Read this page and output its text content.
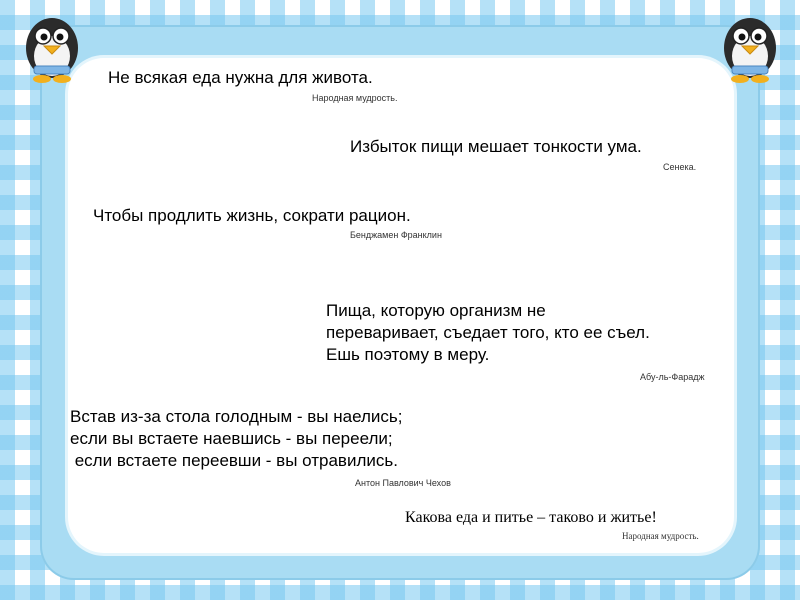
Не всякая еда нужна для живота.

Народная мудрость.

Избыток пищи мешает тонкости ума.

Сенека.

Чтобы продлить жизнь, сократи рацион.

Бенджамен Франклин

Пища, которую организм не
переваривает, съедает того, кто ее съел.
Ешь поэтому в меру.

Абу-ль-Фарадж

Встав из-за стола голодным - вы наелись;
если вы встаете наевшись - вы переели;
если встаете переевши - вы отравились.

Антон Павлович Чехов

Какова еда и питье – таково и житье!

Народная мудрость.
